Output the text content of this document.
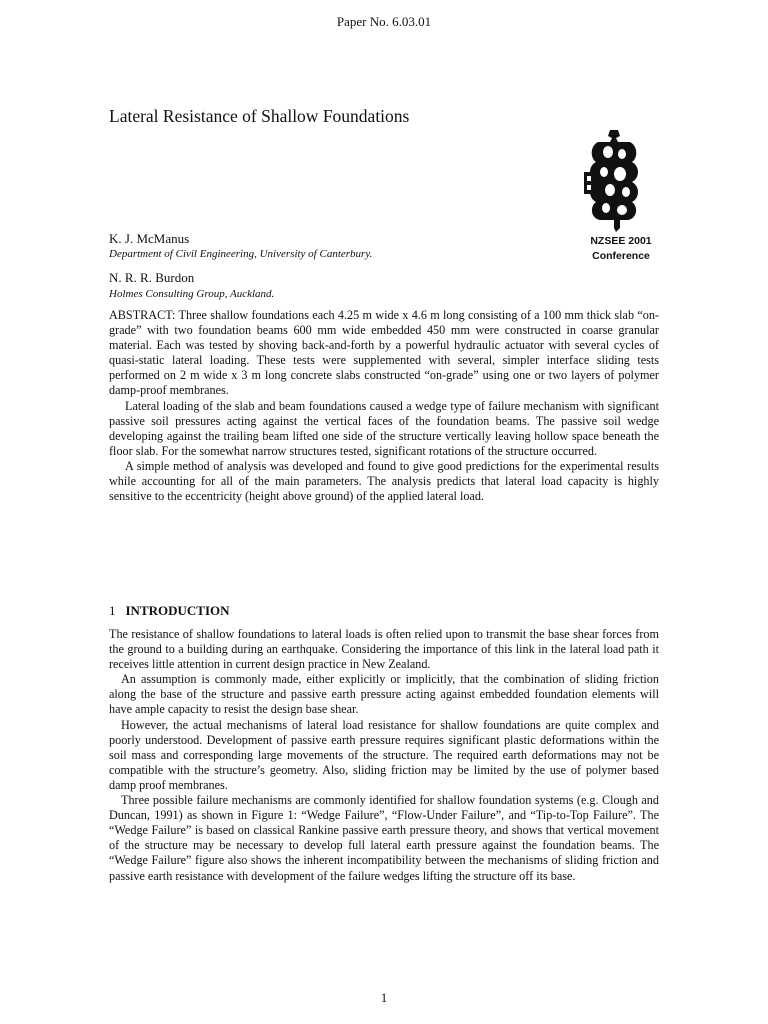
Paper No. 6.03.01
Lateral Resistance of Shallow Foundations
NZSEE 2001
Conference
K. J. McManus
Department of Civil Engineering, University of Canterbury.
N. R. R. Burdon
Holmes Consulting Group, Auckland.

ABSTRACT: Three shallow foundations each 4.25 m wide x 4.6 m long consisting of a 100 mm thick slab “on-grade” with two foundation beams 600 mm wide embedded 450 mm were constructed in coarse granular material. Each was tested by shoving back-and-forth by a powerful hydraulic actuator with several cycles of quasi-static lateral loading. These tests were supplemented with several, simpler interface sliding tests performed on 2 m wide x 3 m long concrete slabs constructed “on-grade” using one or two layers of polymer damp-proof membranes.

Lateral loading of the slab and beam foundations caused a wedge type of failure mechanism with significant passive soil pressures acting against the vertical faces of the foundation beams. The passive soil wedge developing against the trailing beam lifted one side of the structure vertically leaving hollow space beneath the floor slab. For the somewhat narrow structures tested, significant rotations of the structure occurred.

A simple method of analysis was developed and found to give good predictions for the experimental results while accounting for all of the main parameters. The analysis predicts that lateral load capacity is highly sensitive to the eccentricity (height above ground) of the applied lateral load.

1 INTRODUCTION

The resistance of shallow foundations to lateral loads is often relied upon to transmit the base shear forces from the ground to a building during an earthquake. Considering the importance of this link in the lateral load path it receives little attention in current design practice in New Zealand.

An assumption is commonly made, either explicitly or implicitly, that the combination of sliding friction along the base of the structure and passive earth pressure acting against embedded foundation elements will have ample capacity to resist the design base shear.

However, the actual mechanisms of lateral load resistance for shallow foundations are quite complex and poorly understood. Development of passive earth pressure requires significant plastic deformations within the soil mass and corresponding large movements of the structure. The required earth deformations may not be compatible with the structure’s geometry. Also, sliding friction may be limited by the use of polymer based damp proof membranes.

Three possible failure mechanisms are commonly identified for shallow foundation systems (e.g. Clough and Duncan, 1991) as shown in Figure 1: “Wedge Failure”, “Flow-Under Failure”, and “Tip-to-Top Failure”. The “Wedge Failure” is based on classical Rankine passive earth pressure theory, and shows that vertical movement of the structure may be necessary to develop full lateral earth pressure against the foundation beams. The “Wedge Failure” figure also shows the inherent incompatibility between the mechanisms of sliding friction and passive earth resistance with development of the failure wedges lifting the structure off its base.

1
